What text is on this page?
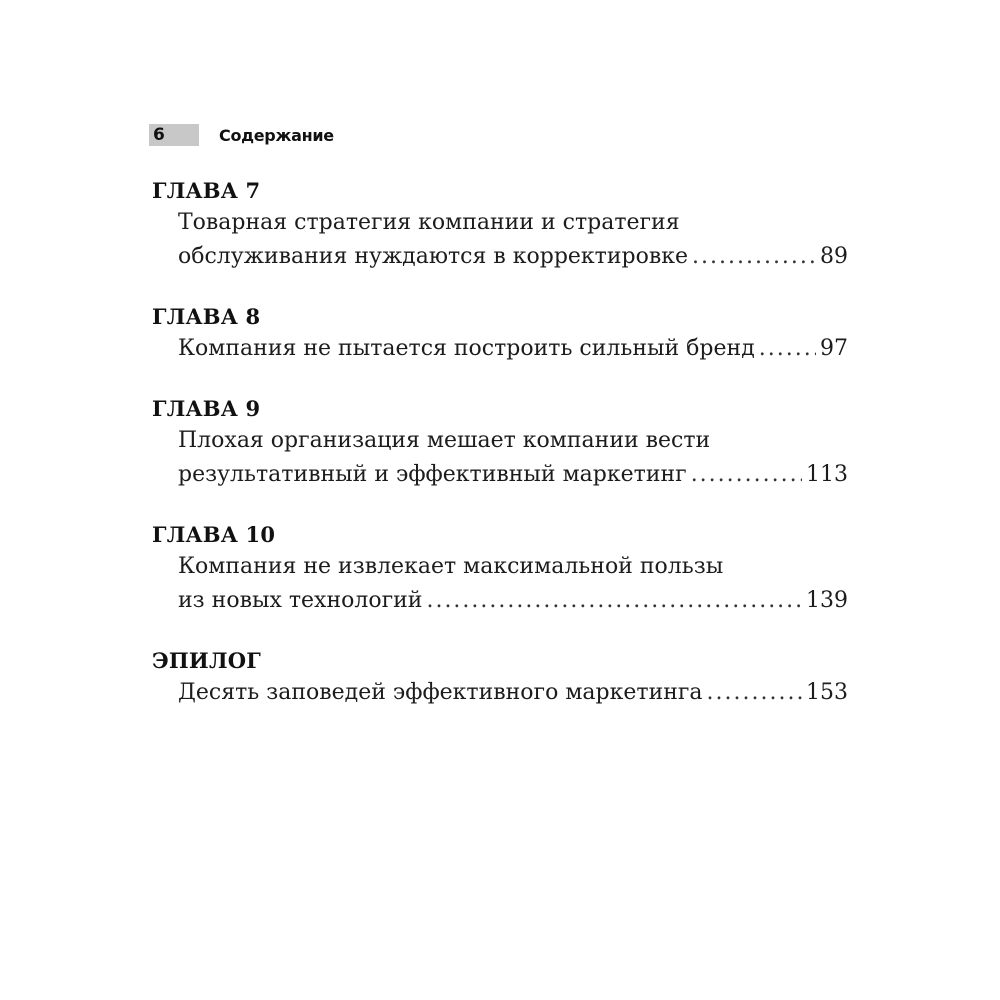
6	Содержание
ГЛАВА 7
Товарная стратегия компании и стратегия
обслуживания нуждаются в корректировке .....	89
ГЛАВА 8
Компания не пытается построить сильный бренд .....	97
ГЛАВА 9
Плохая организация мешает компании вести
результативный и эффективный маркетинг .....	113
ГЛАВА 10
Компания не извлекает максимальной пользы
из новых технологий .....	139
ЭПИЛОГ
Десять заповедей эффективного маркетинга .....	153
